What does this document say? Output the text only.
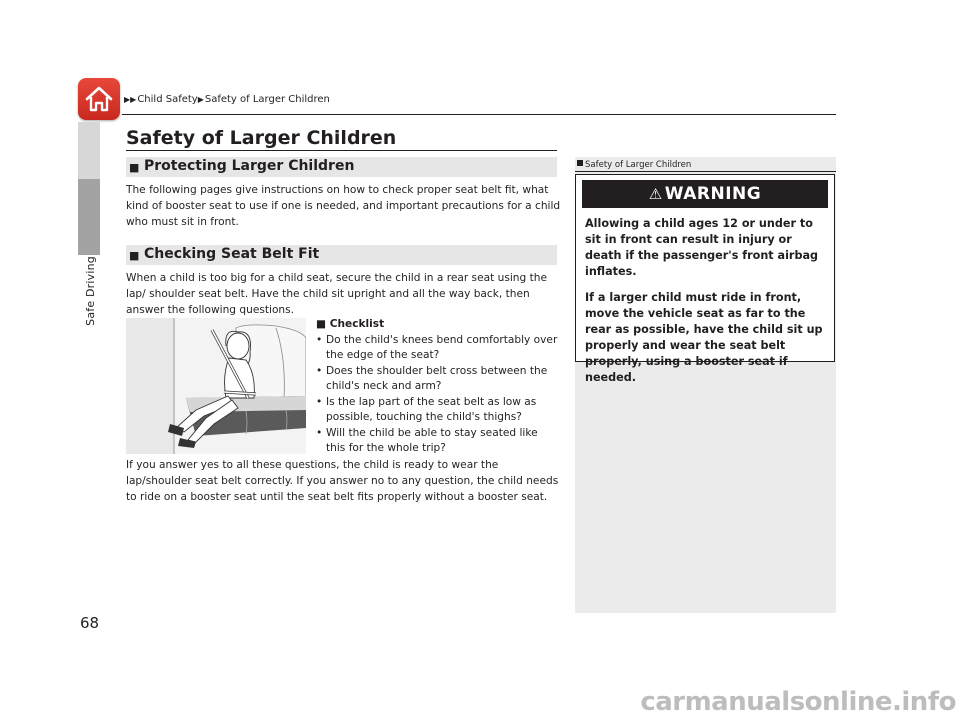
Safe Driving
▶▶Child Safety▶Safety of Larger Children
Safety of Larger Children
■ Protecting Larger Children
The following pages give instructions on how to check proper seat belt fit, what kind of booster seat to use if one is needed, and important precautions for a child who must sit in front.
■ Checking Seat Belt Fit
When a child is too big for a child seat, secure the child in a rear seat using the lap/ shoulder seat belt. Have the child sit upright and all the way back, then answer the following questions.
■ Checklist
• Do the child's knees bend comfortably over the edge of the seat?
• Does the shoulder belt cross between the child's neck and arm?
• Is the lap part of the seat belt as low as possible, touching the child's thighs?
• Will the child be able to stay seated like this for the whole trip?
If you answer yes to all these questions, the child is ready to wear the lap/shoulder seat belt correctly. If you answer no to any question, the child needs to ride on a booster seat until the seat belt fits properly without a booster seat.
Safety of Larger Children
⚠ WARNING

Allowing a child ages 12 or under to sit in front can result in injury or death if the passenger's front airbag inflates.

If a larger child must ride in front, move the vehicle seat as far to the rear as possible, have the child sit up properly and wear the seat belt properly, using a booster seat if needed.

68
carmanualsonline.info
